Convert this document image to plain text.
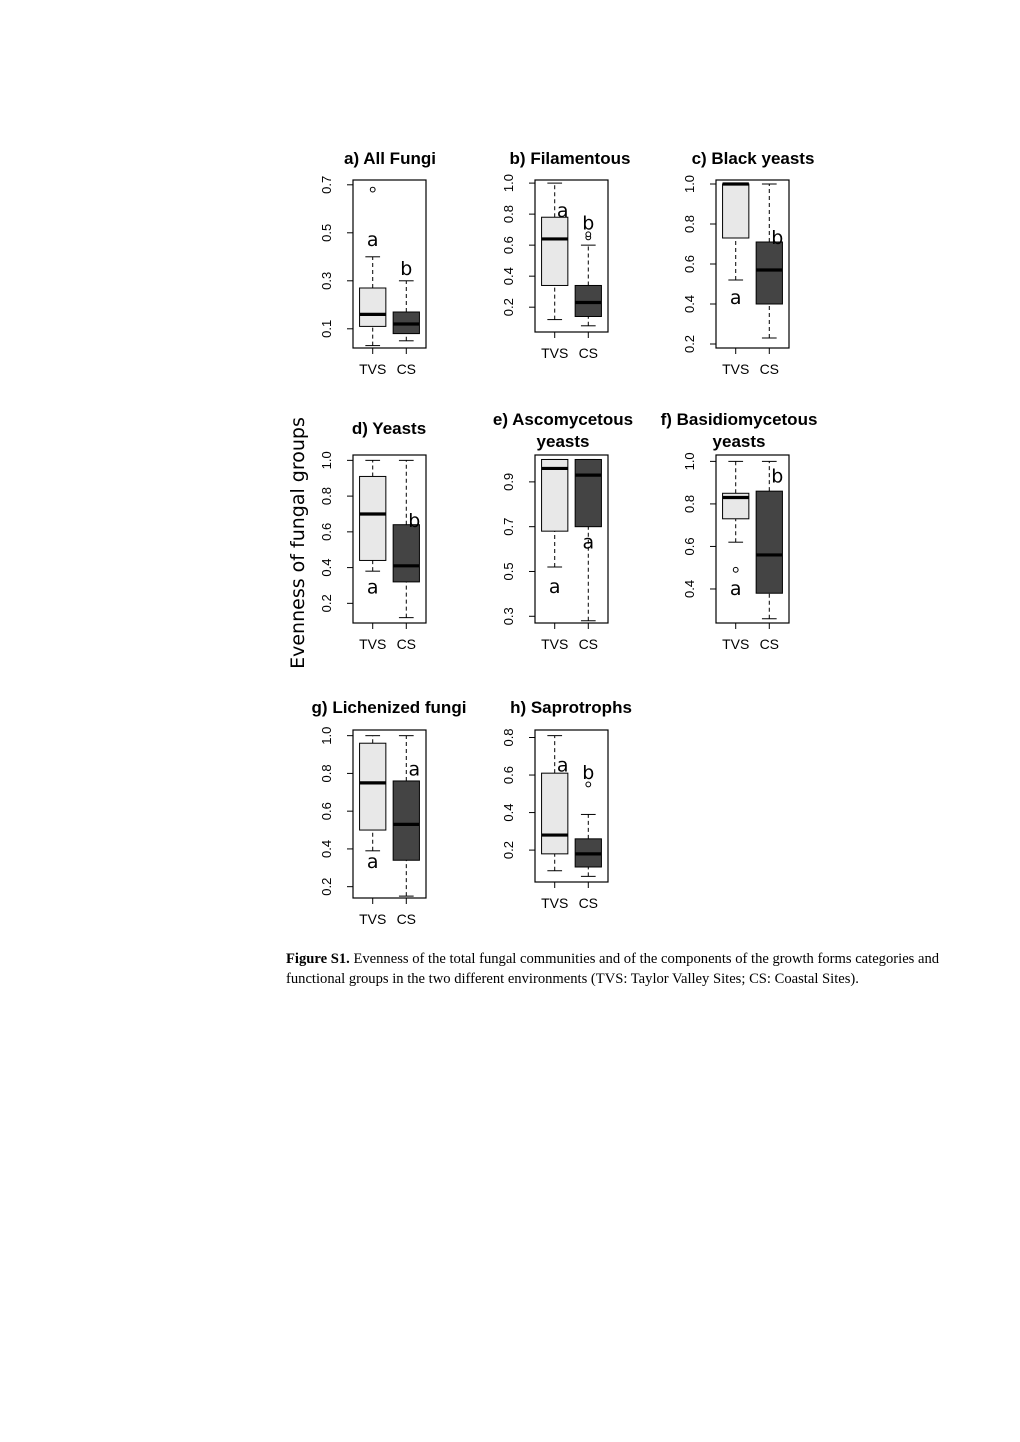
a) All Fungi
0.1
0.3
0.5
0.7
TVS CS
a
b
b) Filamentous
0.2
0.4
0.6
0.8
1.0
TVS CS
a
b
c) Black yeasts
0.2
0.4
0.6
0.8
1.0
TVS CS
a
b
d) Yeasts
0.2
0.4
0.6
0.8
1.0
TVS CS
a
b
e) Ascomycetous
yeasts
0.3
0.5
0.7
0.9
TVS CS
a
a
f) Basidiomycetous
yeasts
0.4
0.6
0.8
1.0
TVS CS
a
b
g) Lichenized fungi
0.2
0.4
0.6
0.8
1.0
TVS CS
a
a
h) Saprotrophs
0.2
0.4
0.6
0.8
TVS CS
a b
Evenness of fungal groups
Figure S1. Evenness of the total fungal communities and of the components of the growth forms categories and functional groups in the two different environments (TVS: Taylor Valley Sites; CS: Coastal Sites).
